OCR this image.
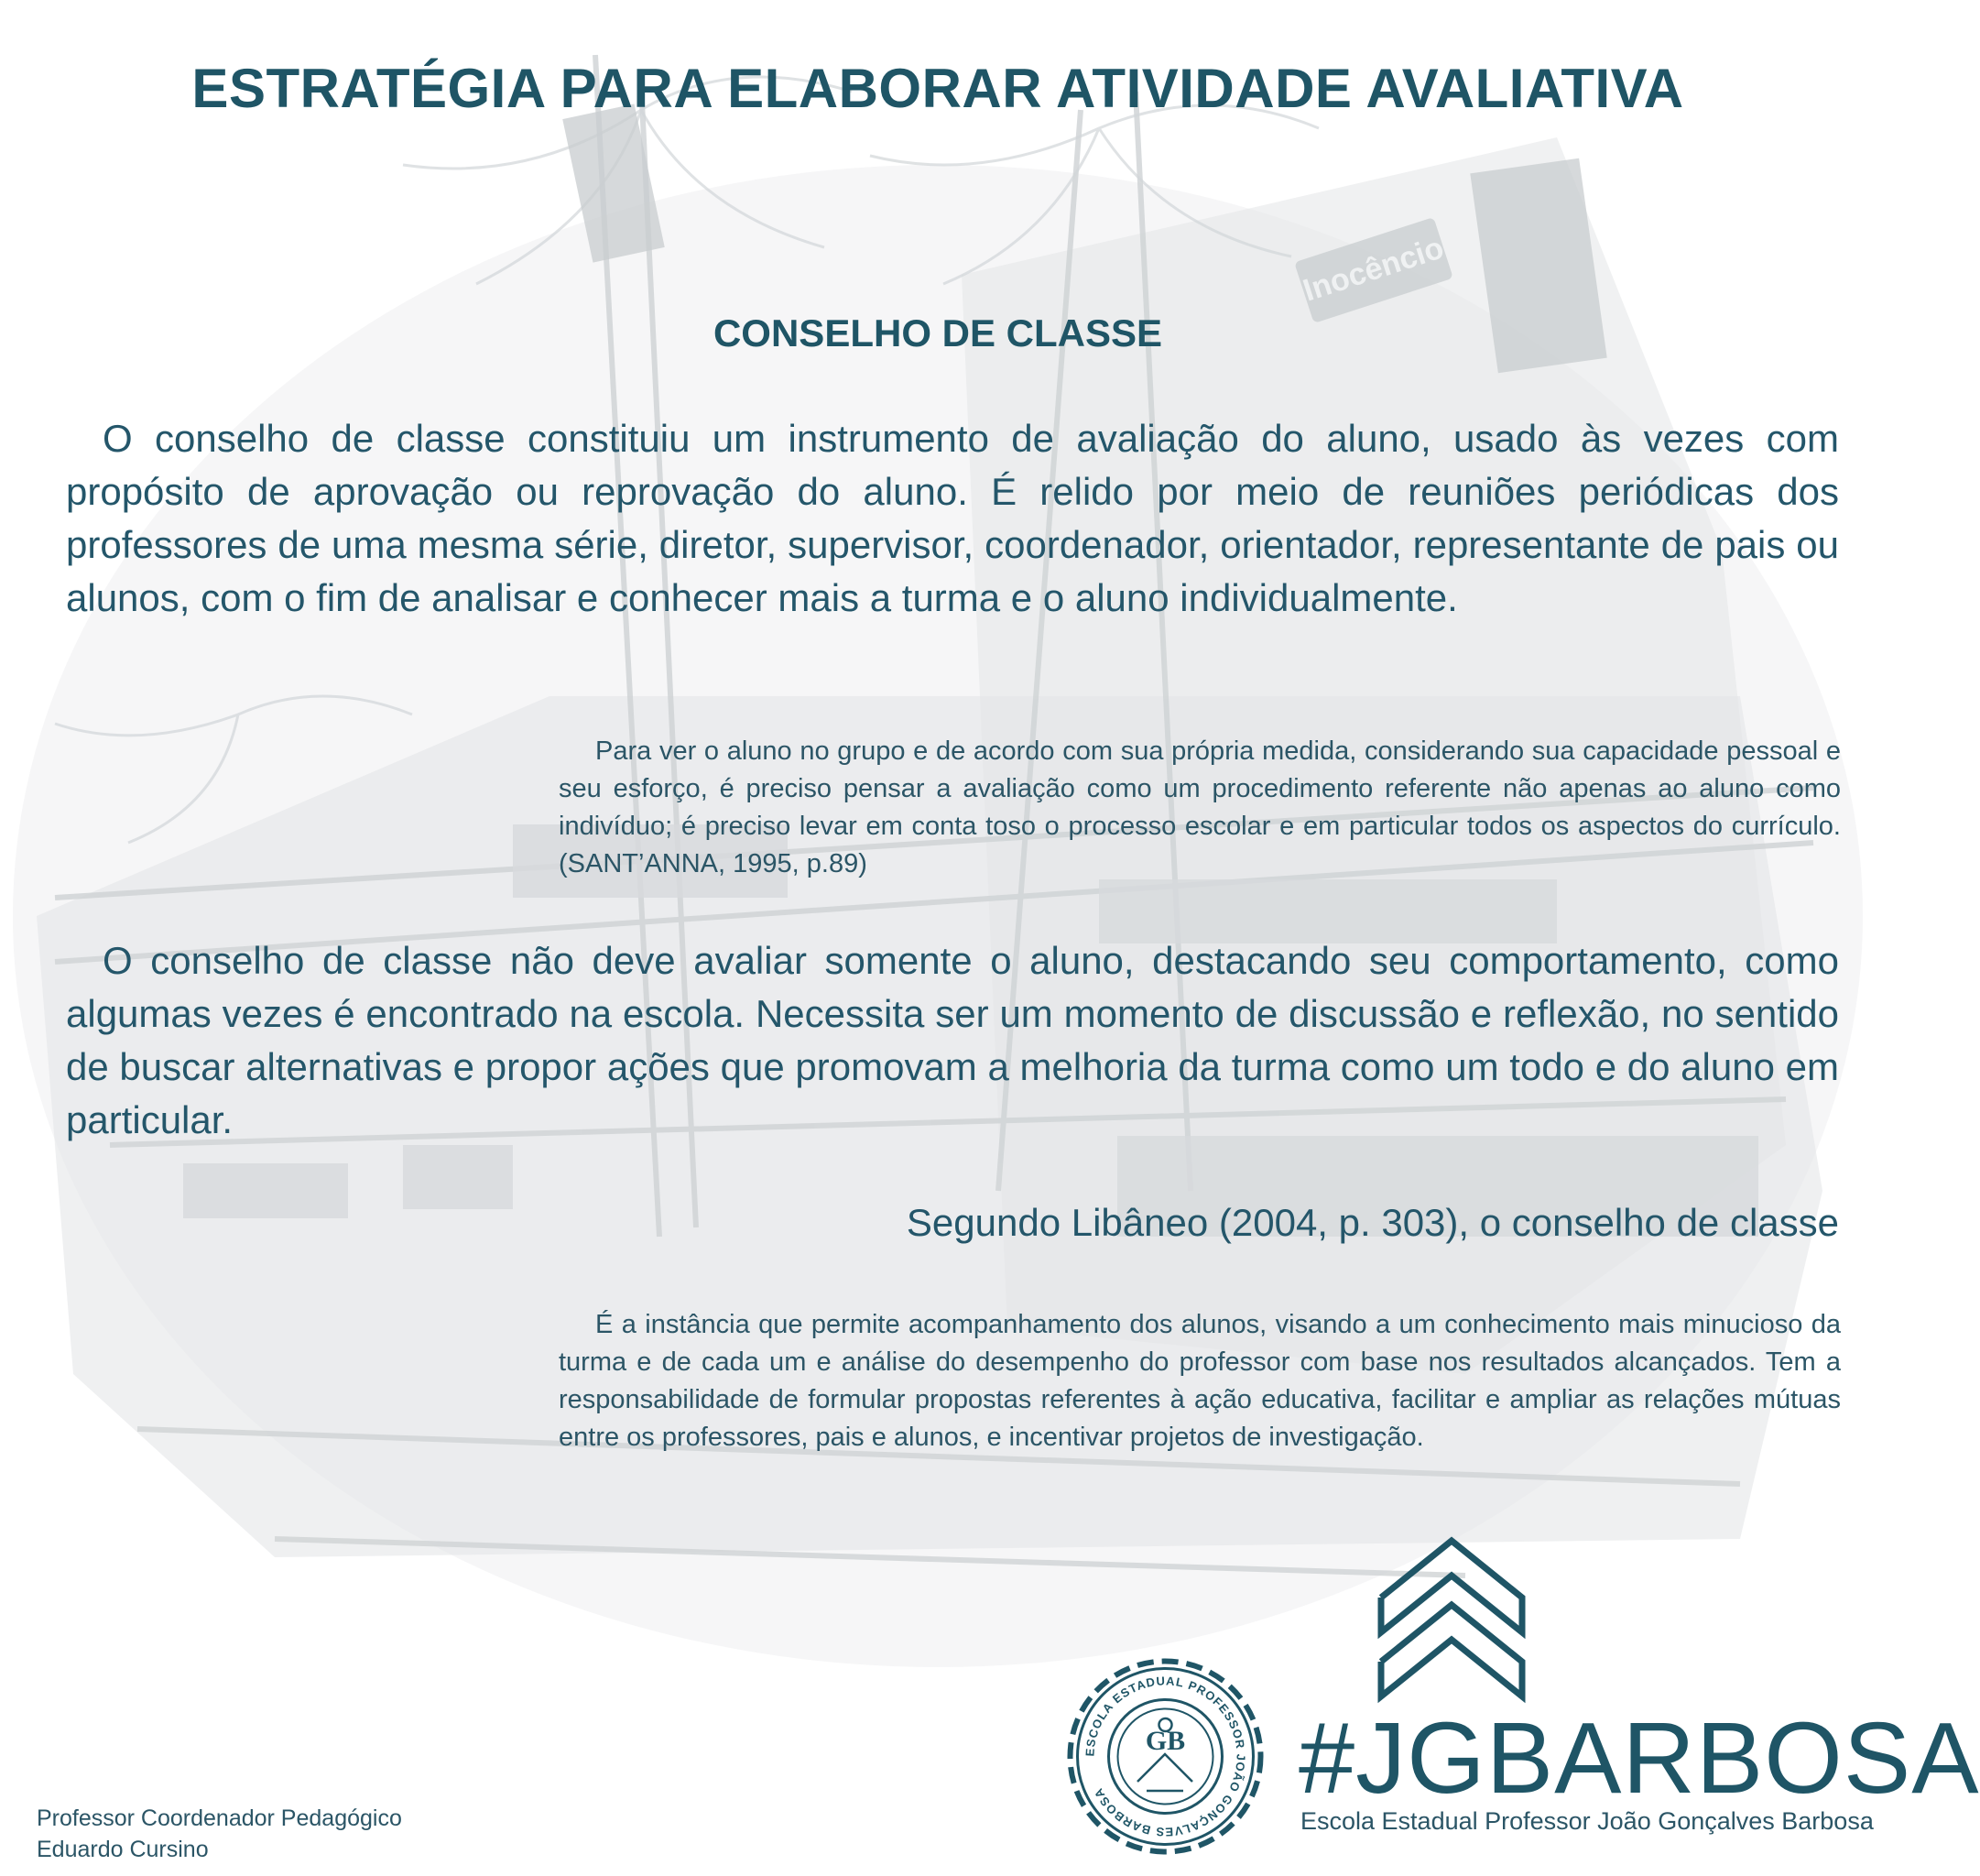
Inocêncio
ESTRATÉGIA PARA ELABORAR ATIVIDADE AVALIATIVA
CONSELHO DE CLASSE

O conselho de classe constituiu um instrumento de avaliação do aluno, usado às vezes com propósito de aprovação ou reprovação do aluno. É relido por meio de reuniões periódicas dos professores de uma mesma série, diretor, supervisor, coordenador, orientador, representante de pais ou alunos, com o fim de analisar e conhecer mais a turma e o aluno individualmente.

Para ver o aluno no grupo e de acordo com sua própria medida, considerando sua capacidade pessoal e seu esforço, é preciso pensar a avaliação como um procedimento referente não apenas ao aluno como indivíduo; é preciso levar em conta toso o processo escolar e em particular todos os aspectos do currículo. (SANT’ANNA, 1995, p.89)

O conselho de classe não deve avaliar somente o aluno, destacando seu comportamento, como algumas vezes é encontrado na escola. Necessita ser um momento de discussão e reflexão, no sentido de buscar alternativas e propor ações que promovam a melhoria da turma como um todo e do aluno em particular.

Segundo Libâneo (2004, p. 303), o conselho de classe

É a instância que permite acompanhamento dos alunos, visando a um conhecimento mais minucioso da turma e de cada um e análise do desempenho do professor com base nos resultados alcançados. Tem a responsabilidade de formular propostas referentes à ação educativa, facilitar e ampliar as relações mútuas entre os professores, pais e alunos, e incentivar projetos de investigação.

Professor Coordenador Pedagógico
Eduardo Cursino
ESCOLA ESTADUAL PROFESSOR JOÃO GONÇALVES BARBOSA
GB #JGBARBOSA
Escola Estadual Professor João Gonçalves Barbosa
